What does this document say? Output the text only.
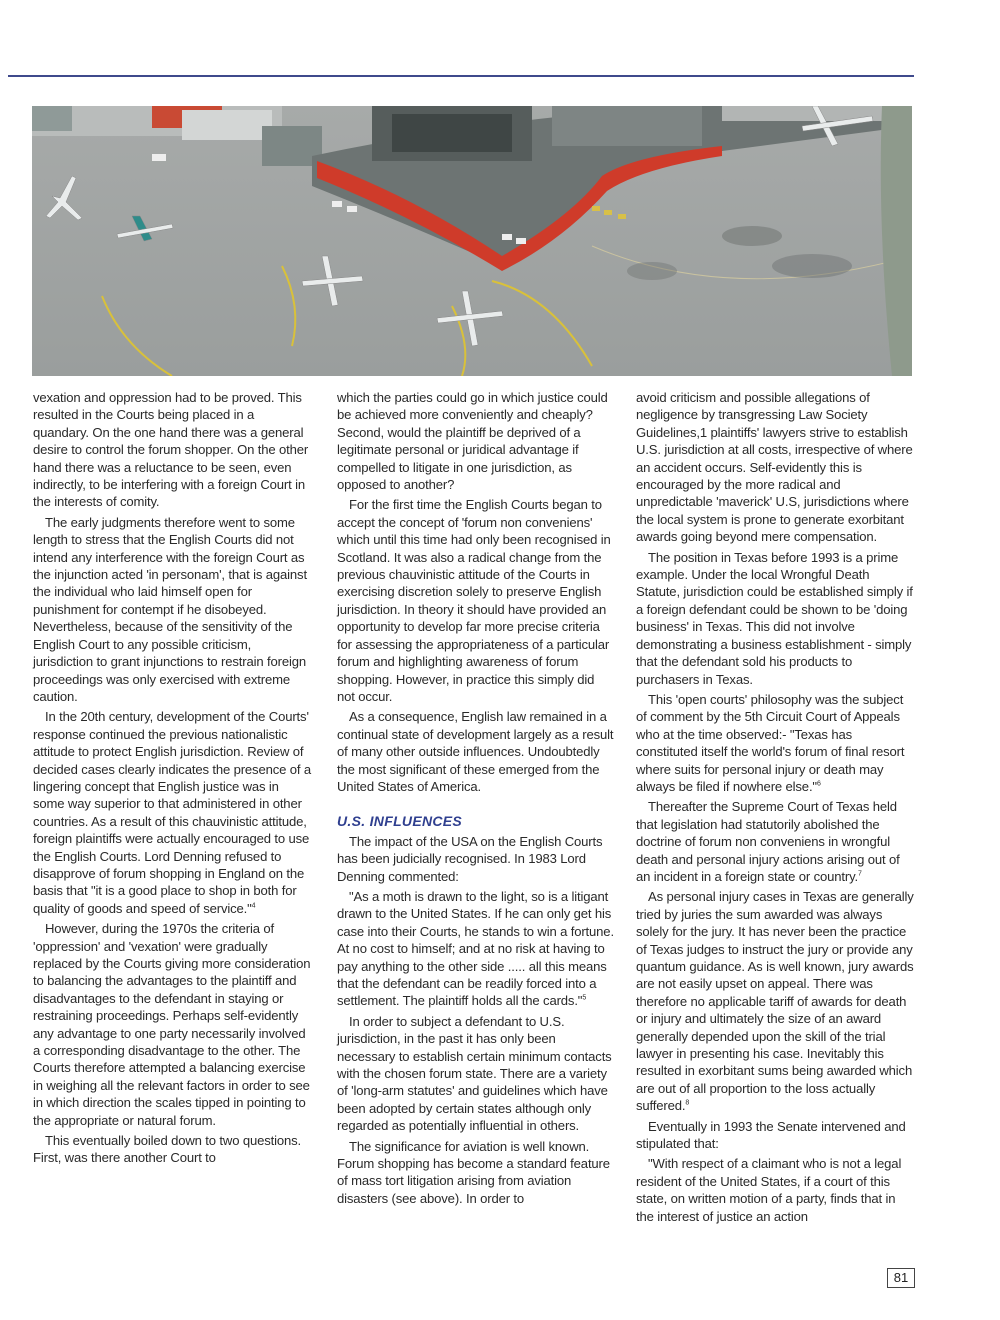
vexation and oppression had to be proved. This resulted in the Courts being placed in a quandary. On the one hand there was a general desire to control the forum shopper. On the other hand there was a reluctance to be seen, even indirectly, to be interfering with a foreign Court in the interests of comity.

The early judgments therefore went to some length to stress that the English Courts did not intend any interference with the foreign Court as the injunction acted 'in personam', that is against the individual who laid himself open for punishment for contempt if he disobeyed. Nevertheless, because of the sensitivity of the English Court to any possible criticism, jurisdiction to grant injunctions to restrain foreign proceedings was only exercised with extreme caution.

In the 20th century, development of the Courts' response continued the previous nationalistic attitude to protect English jurisdiction. Review of decided cases clearly indicates the presence of a lingering concept that English justice was in some way superior to that administered in other countries. As a result of this chauvinistic attitude, foreign plaintiffs were actually encouraged to use the English Courts. Lord Denning refused to disapprove of forum shopping in England on the basis that "it is a good place to shop in both for quality of goods and speed of service."$^4$

However, during the 1970s the criteria of 'oppression' and 'vexation' were gradually replaced by the Courts giving more consideration to balancing the advantages to the plaintiff and disadvantages to the defendant in staying or restraining proceedings. Perhaps self-evidently any advantage to one party necessarily involved a corresponding disadvantage to the other. The Courts therefore attempted a balancing exercise in weighing all the relevant factors in order to see in which direction the scales tipped in pointing to the appropriate or natural forum.

This eventually boiled down to two questions. First, was there another Court to

which the parties could go in which justice could be achieved more conveniently and cheaply? Second, would the plaintiff be deprived of a legitimate personal or juridical advantage if compelled to litigate in one jurisdiction, as opposed to another?

For the first time the English Courts began to accept the concept of 'forum non conveniens' which until this time had only been recognised in Scotland. It was also a radical change from the previous chauvinistic attitude of the Courts in exercising discretion solely to preserve English jurisdiction. In theory it should have provided an opportunity to develop far more precise criteria for assessing the appropriateness of a particular forum and highlighting awareness of forum shopping. However, in practice this simply did not occur.

As a consequence, English law remained in a continual state of development largely as a result of many other outside influences. Undoubtedly the most significant of these emerged from the United States of America.

U.S. INFLUENCES

The impact of the USA on the English Courts has been judicially recognised. In 1983 Lord Denning commented:

"As a moth is drawn to the light, so is a litigant drawn to the United States. If he can only get his case into their Courts, he stands to win a fortune. At no cost to himself; and at no risk at having to pay anything to the other side ..... all this means that the defendant can be readily forced into a settlement. The plaintiff holds all the cards."$^5$

In order to subject a defendant to U.S. jurisdiction, in the past it has only been necessary to establish certain minimum contacts with the chosen forum state. There are a variety of 'long-arm statutes' and guidelines which have been adopted by certain states although only regarded as potentially influential in others.

The significance for aviation is well known. Forum shopping has become a standard feature of mass tort litigation arising from aviation disasters (see above). In order to

avoid criticism and possible allegations of negligence by transgressing Law Society Guidelines,1 plaintiffs' lawyers strive to establish U.S. jurisdiction at all costs, irrespective of where an accident occurs. Self-evidently this is encouraged by the more radical and unpredictable 'maverick' U.S, jurisdictions where the local system is prone to generate exorbitant awards going beyond mere compensation.

The position in Texas before 1993 is a prime example. Under the local Wrongful Death Statute, jurisdiction could be established simply if a foreign defendant could be shown to be 'doing business' in Texas. This did not involve demonstrating a business establishment - simply that the defendant sold his products to purchasers in Texas.

This 'open courts' philosophy was the subject of comment by the 5th Circuit Court of Appeals who at the time observed:- "Texas has constituted itself the world's forum of final resort where suits for personal injury or death may always be filed if nowhere else."$^6$

Thereafter the Supreme Court of Texas held that legislation had statutorily abolished the doctrine of forum non conveniens in wrongful death and personal injury actions arising out of an incident in a foreign state or country.$^7$

As personal injury cases in Texas are generally tried by juries the sum awarded was always solely for the jury. It has never been the practice of Texas judges to instruct the jury or provide any quantum guidance. As is well known, jury awards are not easily upset on appeal. There was therefore no applicable tariff of awards for death or injury and ultimately the size of an award generally depended upon the skill of the trial lawyer in presenting his case. Inevitably this resulted in exorbitant sums being awarded which are out of all proportion to the loss actually suffered.$^8$

Eventually in 1993 the Senate intervened and stipulated that:

"With respect of a claimant who is not a legal resident of the United States, if a court of this state, on written motion of a party, finds that in the interest of justice an action

81
